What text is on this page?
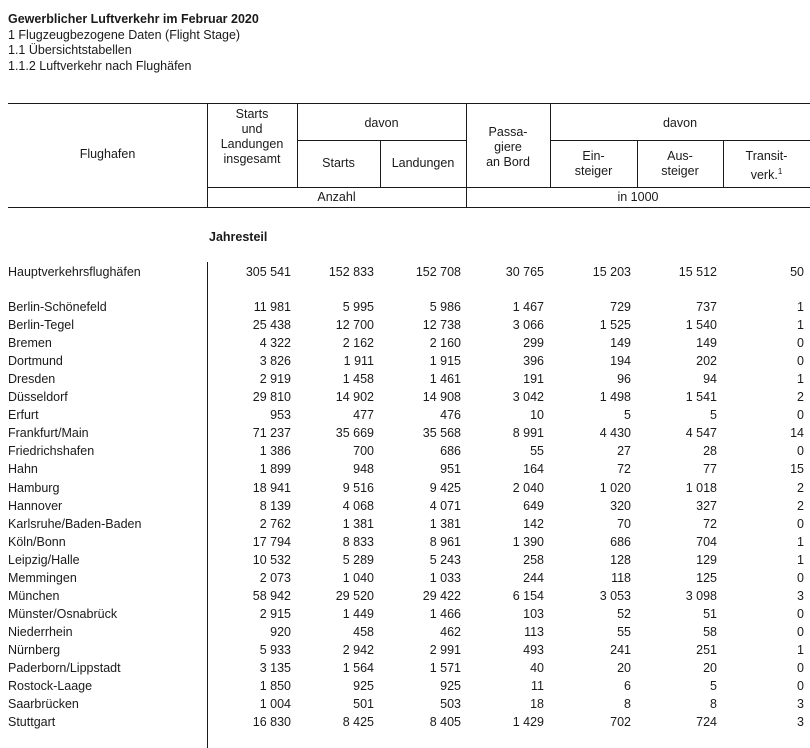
Gewerblicher Luftverkehr im Februar 2020
1 Flugzeugbezogene Daten (Flight Stage)
1.1 Übersichtstabellen
1.1.2 Luftverkehr nach Flughäfen
Flughafen
Starts
und
Landungen
insgesamt
davon
Starts	Landungen
Passa-
giere
an Bord
davon
Ein-
steiger
Aus-
steiger
Transit-
verk.$^1$
Anzahl	in 1000
Jahresteil
Hauptverkehrsflughäfen	305 541	152 833	152 708	30 765	15 203	15 512	50
Berlin-Schönefeld	11 981	5 995	5 986	1 467	729	737	1
Berlin-Tegel	25 438	12 700	12 738	3 066	1 525	1 540	1
Bremen	4 322	2 162	2 160	299	149	149	0
Dortmund	3 826	1 911	1 915	396	194	202	0
Dresden	2 919	1 458	1 461	191	96	94	1
Düsseldorf	29 810	14 902	14 908	3 042	1 498	1 541	2
Erfurt	953	477	476	10	5	5	0
Frankfurt/Main	71 237	35 669	35 568	8 991	4 430	4 547	14
Friedrichshafen	1 386	700	686	55	27	28	0
Hahn	1 899	948	951	164	72	77	15
Hamburg	18 941	9 516	9 425	2 040	1 020	1 018	2
Hannover	8 139	4 068	4 071	649	320	327	2
Karlsruhe/Baden-Baden	2 762	1 381	1 381	142	70	72	0
Köln/Bonn	17 794	8 833	8 961	1 390	686	704	1
Leipzig/Halle	10 532	5 289	5 243	258	128	129	1
Memmingen	2 073	1 040	1 033	244	118	125	0
München	58 942	29 520	29 422	6 154	3 053	3 098	3
Münster/Osnabrück	2 915	1 449	1 466	103	52	51	0
Niederrhein	920	458	462	113	55	58	0
Nürnberg	5 933	2 942	2 991	493	241	251	1
Paderborn/Lippstadt	3 135	1 564	1 571	40	20	20	0
Rostock-Laage	1 850	925	925	11	6	5	0
Saarbrücken	1 004	501	503	18	8	8	3
Stuttgart	16 830	8 425	8 405	1 429	702	724	3
